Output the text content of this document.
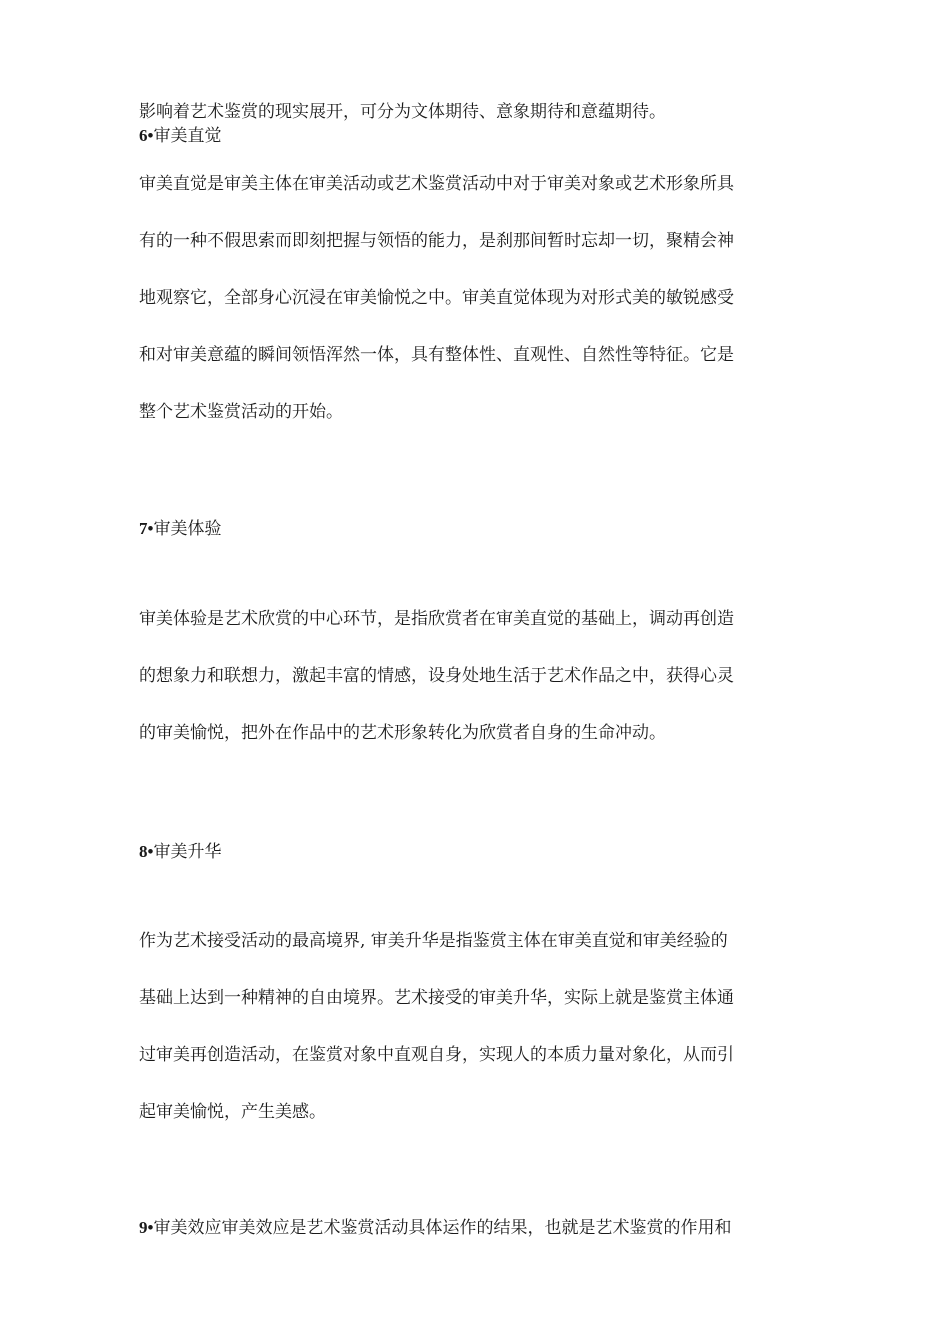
影响着艺术鉴赏的现实展开，可分为文体期待、意象期待和意蕴期待。
6•审美直觉
审美直觉是审美主体在审美活动或艺术鉴赏活动中对于审美对象或艺术形象所具
有的一种不假思索而即刻把握与领悟的能力，是刹那间暂时忘却一切，聚精会神
地观察它，全部身心沉浸在审美愉悦之中。审美直觉体现为对形式美的敏锐感受
和对审美意蕴的瞬间领悟浑然一体，具有整体性、直观性、自然性等特征。它是
整个艺术鉴赏活动的开始。
7•审美体验
审美体验是艺术欣赏的中心环节，是指欣赏者在审美直觉的基础上，调动再创造
的想象力和联想力，激起丰富的情感，设身处地生活于艺术作品之中，获得心灵
的审美愉悦，把外在作品中的艺术形象转化为欣赏者自身的生命冲动。
8•审美升华
作为艺术接受活动的最高境界, 审美升华是指鉴赏主体在审美直觉和审美经验的
基础上达到一种精神的自由境界。艺术接受的审美升华，实际上就是鉴赏主体通
过审美再创造活动，在鉴赏对象中直观自身，实现人的本质力量对象化，从而引
起审美愉悦，产生美感。
9•审美效应审美效应是艺术鉴赏活动具体运作的结果，也就是艺术鉴赏的作用和
